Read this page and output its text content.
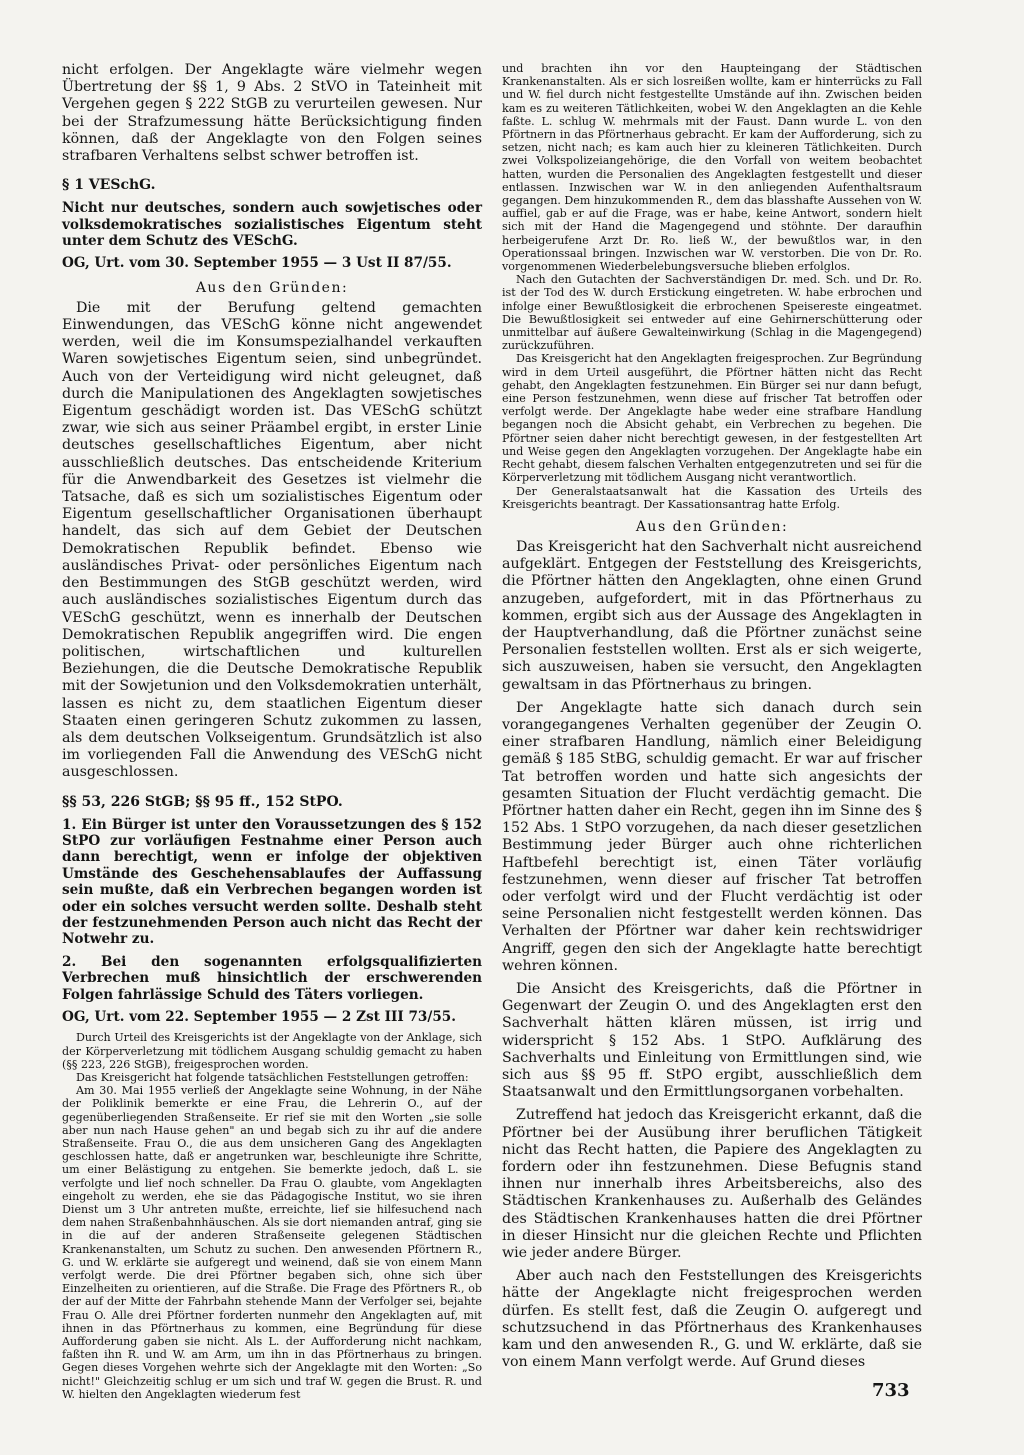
nicht erfolgen. Der Angeklagte wäre vielmehr wegen Übertretung der §§ 1, 9 Abs. 2 StVO in Tateinheit mit Vergehen gegen § 222 StGB zu verurteilen gewesen. Nur bei der Strafzumessung hätte Berücksichtigung finden können, daß der Angeklagte von den Folgen seines strafbaren Verhaltens selbst schwer betroffen ist.

§ 1 VESchG.

Nicht nur deutsches, sondern auch sowjetisches oder volksdemokratisches sozialistisches Eigentum steht unter dem Schutz des VESchG.

OG, Urt. vom 30. September 1955 — 3 Ust II 87/55.

Aus den Gründen:

Die mit der Berufung geltend gemachten Einwendungen, das VESchG könne nicht angewendet werden, weil die im Konsumspezialhandel verkauften Waren sowjetisches Eigentum seien, sind unbegründet. Auch von der Verteidigung wird nicht geleugnet, daß durch die Manipulationen des Angeklagten sowjetisches Eigentum geschädigt worden ist. Das VESchG schützt zwar, wie sich aus seiner Präambel ergibt, in erster Linie deutsches gesellschaftliches Eigentum, aber nicht ausschließlich deutsches. Das entscheidende Kriterium für die Anwendbarkeit des Gesetzes ist vielmehr die Tatsache, daß es sich um sozialistisches Eigentum oder Eigentum gesellschaftlicher Organisationen überhaupt handelt, das sich auf dem Gebiet der Deutschen Demokratischen Republik befindet. Ebenso wie ausländisches Privat- oder persönliches Eigentum nach den Bestimmungen des StGB geschützt werden, wird auch ausländisches sozialistisches Eigentum durch das VESchG geschützt, wenn es innerhalb der Deutschen Demokratischen Republik angegriffen wird. Die engen politischen, wirtschaftlichen und kulturellen Beziehungen, die die Deutsche Demokratische Republik mit der Sowjetunion und den Volksdemokratien unterhält, lassen es nicht zu, dem staatlichen Eigentum dieser Staaten einen geringeren Schutz zukommen zu lassen, als dem deutschen Volkseigentum. Grundsätzlich ist also im vorliegenden Fall die Anwendung des VESchG nicht ausgeschlossen.

§§ 53, 226 StGB; §§ 95 ff., 152 StPO.

1. Ein Bürger ist unter den Voraussetzungen des § 152 StPO zur vorläufigen Festnahme einer Person auch dann berechtigt, wenn er infolge der objektiven Umstände des Geschehensablaufes der Auffassung sein mußte, daß ein Verbrechen begangen worden ist oder ein solches versucht werden sollte. Deshalb steht der festzunehmenden Person auch nicht das Recht der Notwehr zu.

2. Bei den sogenannten erfolgsqualifizierten Verbrechen muß hinsichtlich der erschwerenden Folgen fahrlässige Schuld des Täters vorliegen.

OG, Urt. vom 22. September 1955 — 2 Zst III 73/55.

Durch Urteil des Kreisgerichts ist der Angeklagte von der Anklage, sich der Körperverletzung mit tödlichem Ausgang schuldig gemacht zu haben (§§ 223, 226 StGB), freigesprochen worden.

Das Kreisgericht hat folgende tatsächlichen Feststellungen getroffen:

Am 30. Mai 1955 verließ der Angeklagte seine Wohnung, in der Nähe der Poliklinik bemerkte er eine Frau, die Lehrerin O., auf der gegenüberliegenden Straßenseite. Er rief sie mit den Worten „sie solle aber nun nach Hause gehen" an und begab sich zu ihr auf die andere Straßenseite. Frau O., die aus dem unsicheren Gang des Angeklagten geschlossen hatte, daß er angetrunken war, beschleunigte ihre Schritte, um einer Belästigung zu entgehen. Sie bemerkte jedoch, daß L. sie verfolgte und lief noch schneller. Da Frau O. glaubte, vom Angeklagten eingeholt zu werden, ehe sie das Pädagogische Institut, wo sie ihren Dienst um 3 Uhr antreten mußte, erreichte, lief sie hilfesuchend nach dem nahen Straßenbahnhäuschen. Als sie dort niemanden antraf, ging sie in die auf der anderen Straßenseite gelegenen Städtischen Krankenanstalten, um Schutz zu suchen. Den anwesenden Pförtnern R., G. und W. erklärte sie aufgeregt und weinend, daß sie von einem Mann verfolgt werde. Die drei Pförtner begaben sich, ohne sich über Einzelheiten zu orientieren, auf die Straße. Die Frage des Pförtners R., ob der auf der Mitte der Fahrbahn stehende Mann der Verfolger sei, bejahte Frau O. Alle drei Pförtner forderten nunmehr den Angeklagten auf, mit ihnen in das Pförtnerhaus zu kommen, eine Begründung für diese Aufforderung gaben sie nicht. Als L. der Aufforderung nicht nachkam, faßten ihn R. und W. am Arm, um ihn in das Pförtnerhaus zu bringen. Gegen dieses Vorgehen wehrte sich der Angeklagte mit den Worten: „So nicht!" Gleichzeitig schlug er um sich und traf W. gegen die Brust. R. und W. hielten den Angeklagten wiederum fest

und brachten ihn vor den Haupteingang der Städtischen Krankenanstalten. Als er sich losreißen wollte, kam er hinterrücks zu Fall und W. fiel durch nicht festgestellte Umstände auf ihn. Zwischen beiden kam es zu weiteren Tätlichkeiten, wobei W. den Angeklagten an die Kehle faßte. L. schlug W. mehrmals mit der Faust. Dann wurde L. von den Pförtnern in das Pförtnerhaus gebracht. Er kam der Aufforderung, sich zu setzen, nicht nach; es kam auch hier zu kleineren Tätlichkeiten. Durch zwei Volkspolizeiangehörige, die den Vorfall von weitem beobachtet hatten, wurden die Personalien des Angeklagten festgestellt und dieser entlassen. Inzwischen war W. in den anliegenden Aufenthaltsraum gegangen. Dem hinzukommenden R., dem das blasshafte Aussehen von W. auffiel, gab er auf die Frage, was er habe, keine Antwort, sondern hielt sich mit der Hand die Magengegend und stöhnte. Der daraufhin herbeigerufene Arzt Dr. Ro. ließ W., der bewußtlos war, in den Operationssaal bringen. Inzwischen war W. verstorben. Die von Dr. Ro. vorgenommenen Wiederbelebungsversuche blieben erfolglos.

Nach den Gutachten der Sachverständigen Dr. med. Sch. und Dr. Ro. ist der Tod des W. durch Erstickung eingetreten. W. habe erbrochen und infolge einer Bewußtlosigkeit die erbrochenen Speisereste eingeatmet. Die Bewußtlosigkeit sei entweder auf eine Gehirnerschütterung oder unmittelbar auf äußere Gewalteinwirkung (Schlag in die Magengegend) zurückzuführen.

Das Kreisgericht hat den Angeklagten freigesprochen. Zur Begründung wird in dem Urteil ausgeführt, die Pförtner hätten nicht das Recht gehabt, den Angeklagten festzunehmen. Ein Bürger sei nur dann befugt, eine Person festzunehmen, wenn diese auf frischer Tat betroffen oder verfolgt werde. Der Angeklagte habe weder eine strafbare Handlung begangen noch die Absicht gehabt, ein Verbrechen zu begehen. Die Pförtner seien daher nicht berechtigt gewesen, in der festgestellten Art und Weise gegen den Angeklagten vorzugehen. Der Angeklagte habe ein Recht gehabt, diesem falschen Verhalten entgegenzutreten und sei für die Körperverletzung mit tödlichem Ausgang nicht verantwortlich.

Der Generalstaatsanwalt hat die Kassation des Urteils des Kreisgerichts beantragt. Der Kassationsantrag hatte Erfolg.

Aus den Gründen:

Das Kreisgericht hat den Sachverhalt nicht ausreichend aufgeklärt. Entgegen der Feststellung des Kreisgerichts, die Pförtner hätten den Angeklagten, ohne einen Grund anzugeben, aufgefordert, mit in das Pförtnerhaus zu kommen, ergibt sich aus der Aussage des Angeklagten in der Hauptverhandlung, daß die Pförtner zunächst seine Personalien feststellen wollten. Erst als er sich weigerte, sich auszuweisen, haben sie versucht, den Angeklagten gewaltsam in das Pförtnerhaus zu bringen.

Der Angeklagte hatte sich danach durch sein vorangegangenes Verhalten gegenüber der Zeugin O. einer strafbaren Handlung, nämlich einer Beleidigung gemäß § 185 StBG, schuldig gemacht. Er war auf frischer Tat betroffen worden und hatte sich angesichts der gesamten Situation der Flucht verdächtig gemacht. Die Pförtner hatten daher ein Recht, gegen ihn im Sinne des § 152 Abs. 1 StPO vorzugehen, da nach dieser gesetzlichen Bestimmung jeder Bürger auch ohne richterlichen Haftbefehl berechtigt ist, einen Täter vorläufig festzunehmen, wenn dieser auf frischer Tat betroffen oder verfolgt wird und der Flucht verdächtig ist oder seine Personalien nicht festgestellt werden können. Das Verhalten der Pförtner war daher kein rechtswidriger Angriff, gegen den sich der Angeklagte hatte berechtigt wehren können.

Die Ansicht des Kreisgerichts, daß die Pförtner in Gegenwart der Zeugin O. und des Angeklagten erst den Sachverhalt hätten klären müssen, ist irrig und widerspricht § 152 Abs. 1 StPO. Aufklärung des Sachverhalts und Einleitung von Ermittlungen sind, wie sich aus §§ 95 ff. StPO ergibt, ausschließlich dem Staatsanwalt und den Ermittlungsorganen vorbehalten.

Zutreffend hat jedoch das Kreisgericht erkannt, daß die Pförtner bei der Ausübung ihrer beruflichen Tätigkeit nicht das Recht hatten, die Papiere des Angeklagten zu fordern oder ihn festzunehmen. Diese Befugnis stand ihnen nur innerhalb ihres Arbeitsbereichs, also des Städtischen Krankenhauses zu. Außerhalb des Geländes des Städtischen Krankenhauses hatten die drei Pförtner in dieser Hinsicht nur die gleichen Rechte und Pflichten wie jeder andere Bürger.

Aber auch nach den Feststellungen des Kreisgerichts hätte der Angeklagte nicht freigesprochen werden dürfen. Es stellt fest, daß die Zeugin O. aufgeregt und schutzsuchend in das Pförtnerhaus des Krankenhauses kam und den anwesenden R., G. und W. erklärte, daß sie von einem Mann verfolgt werde. Auf Grund dieses

733
